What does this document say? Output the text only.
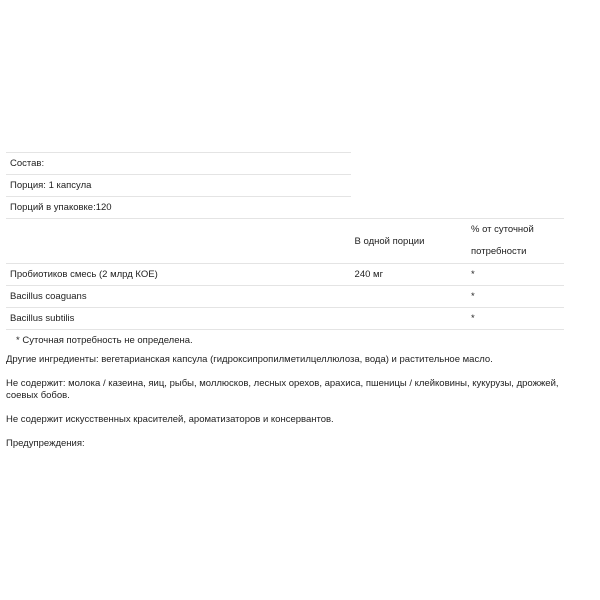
Состав:		
Порция: 1 капсула		
Порций в упаковке:120		
	В одной порции	% от суточной
потребности

Пробиотиков смесь (2 млрд КОЕ)	240 мг	*
Bacillus coaguans		*
Bacillus subtilis		*
* Суточная потребность не определена.		

Другие ингредиенты: вегетарианская капсула (гидроксипропилметилцеллюлоза, вода) и растительное масло.

Не содержит: молока / казеина, яиц, рыбы, моллюсков, лесных орехов, арахиса, пшеницы / клейковины, кукурузы, дрожжей, соевых бобов.

Не содержит искусственных красителей, ароматизаторов и консервантов.

Предупреждения:
